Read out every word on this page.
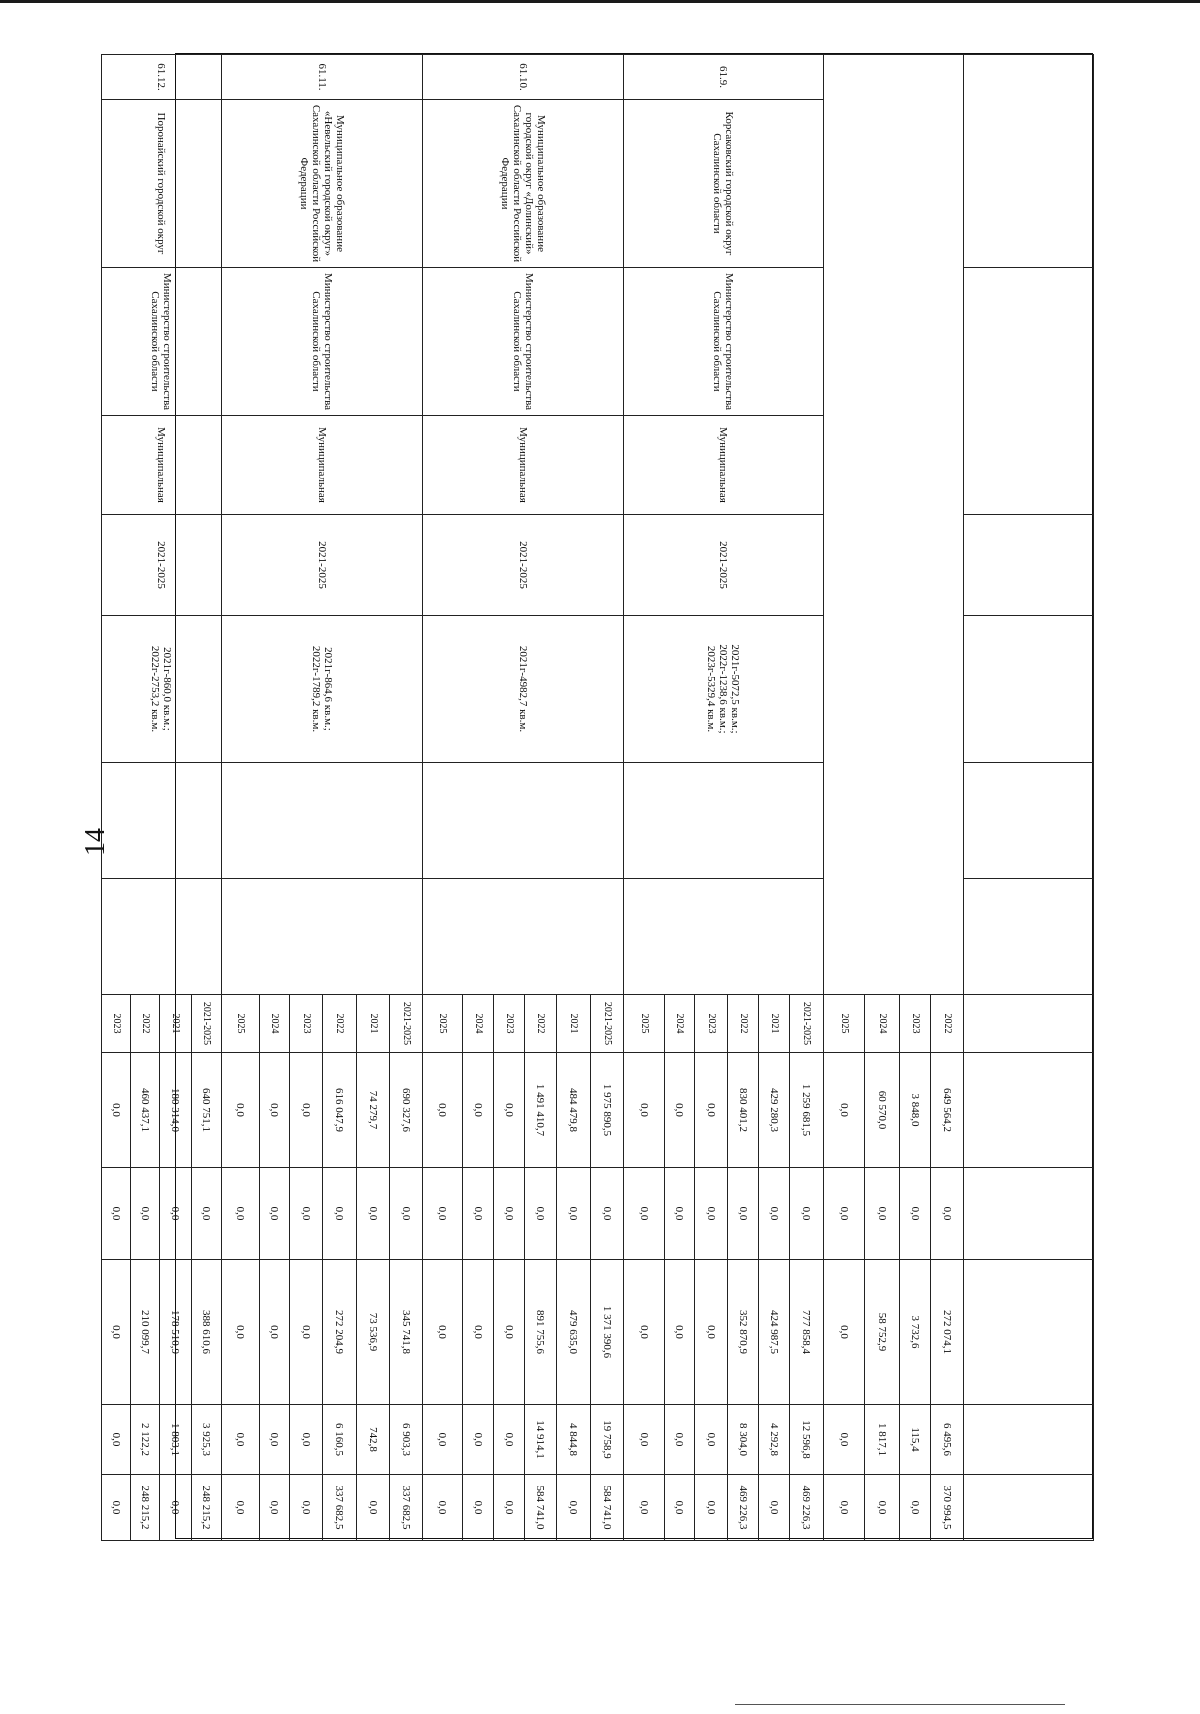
14

								2022	649 564,2	0,0	272 074,1	6 495,6	370 994,5
								2023	3 848,0	0,0	3 732,6	115,4	0,0
								2024	60 570,0	0,0	58 752,9	1 817,1	0,0
								2025	0,0	0,0	0,0	0,0	0,0
61.9.	Корсаковский городской округ Сахалинской области	Министерство строительства Сахалинской области	Муниципальная	2021-2025	2021г-5072,5 кв.м.; 2022г-1238,6 кв.м.; 2023г-5329,4 кв.м.			2021-2025	1 259 681,5	0,0	777 858,4	12 596,8	469 226,3
								2021	429 280,3	0,0	424 987,5	4 292,8	0,0
								2022	830 401,2	0,0	352 870,9	8 304,0	469 226,3
								2023	0,0	0,0	0,0	0,0	0,0
								2024	0,0	0,0	0,0	0,0	0,0
								2025	0,0	0,0	0,0	0,0	0,0
61.10.	Муниципальное образование городской округ «Долинский» Сахалинской области Российской Федерации	Министерство строительства Сахалинской области	Муниципальная	2021-2025	2021г-4982,7 кв.м.			2021-2025	1 975 890,5	0,0	1 371 390,6	19 758,9	584 741,0
								2021	484 479,8	0,0	479 635,0	4 844,8	0,0
								2022	1 491 410,7	0,0	891 755,6	14 914,1	584 741,0
								2023	0,0	0,0	0,0	0,0	0,0
								2024	0,0	0,0	0,0	0,0	0,0
								2025	0,0	0,0	0,0	0,0	0,0
61.11.	Муниципальное образование «Невельский городской округ» Сахалинской области Российской Федерации	Министерство строительства Сахалинской области	Муниципальная	2021-2025	2021г-864,6 кв.м.; 2022г-1789,2 кв.м.			2021-2025	690 327,6	0,0	345 741,8	6 903,3	337 682,5
								2021	74 279,7	0,0	73 536,9	742,8	0,0
								2022	616 047,9	0,0	272 204,9	6 160,5	337 682,5
								2023	0,0	0,0	0,0	0,0	0,0
								2024	0,0	0,0	0,0	0,0	0,0
								2025	0,0	0,0	0,0	0,0	0,0
61.12.	Поронайский городской округ	Министерство строительства Сахалинской области	Муниципальная	2021-2025	2021г-860,0 кв.м.; 2022г-2753,2 кв.м.			2021-2025	640 751,1	0,0	388 610,6	3 925,3	248 215,2
								2021	180 314,0	0,0	178 510,9	1 803,1	0,0
								2022	460 437,1	0,0	210 099,7	2 122,2	248 215,2
								2023	0,0	0,0	0,0	0,0	0,0
